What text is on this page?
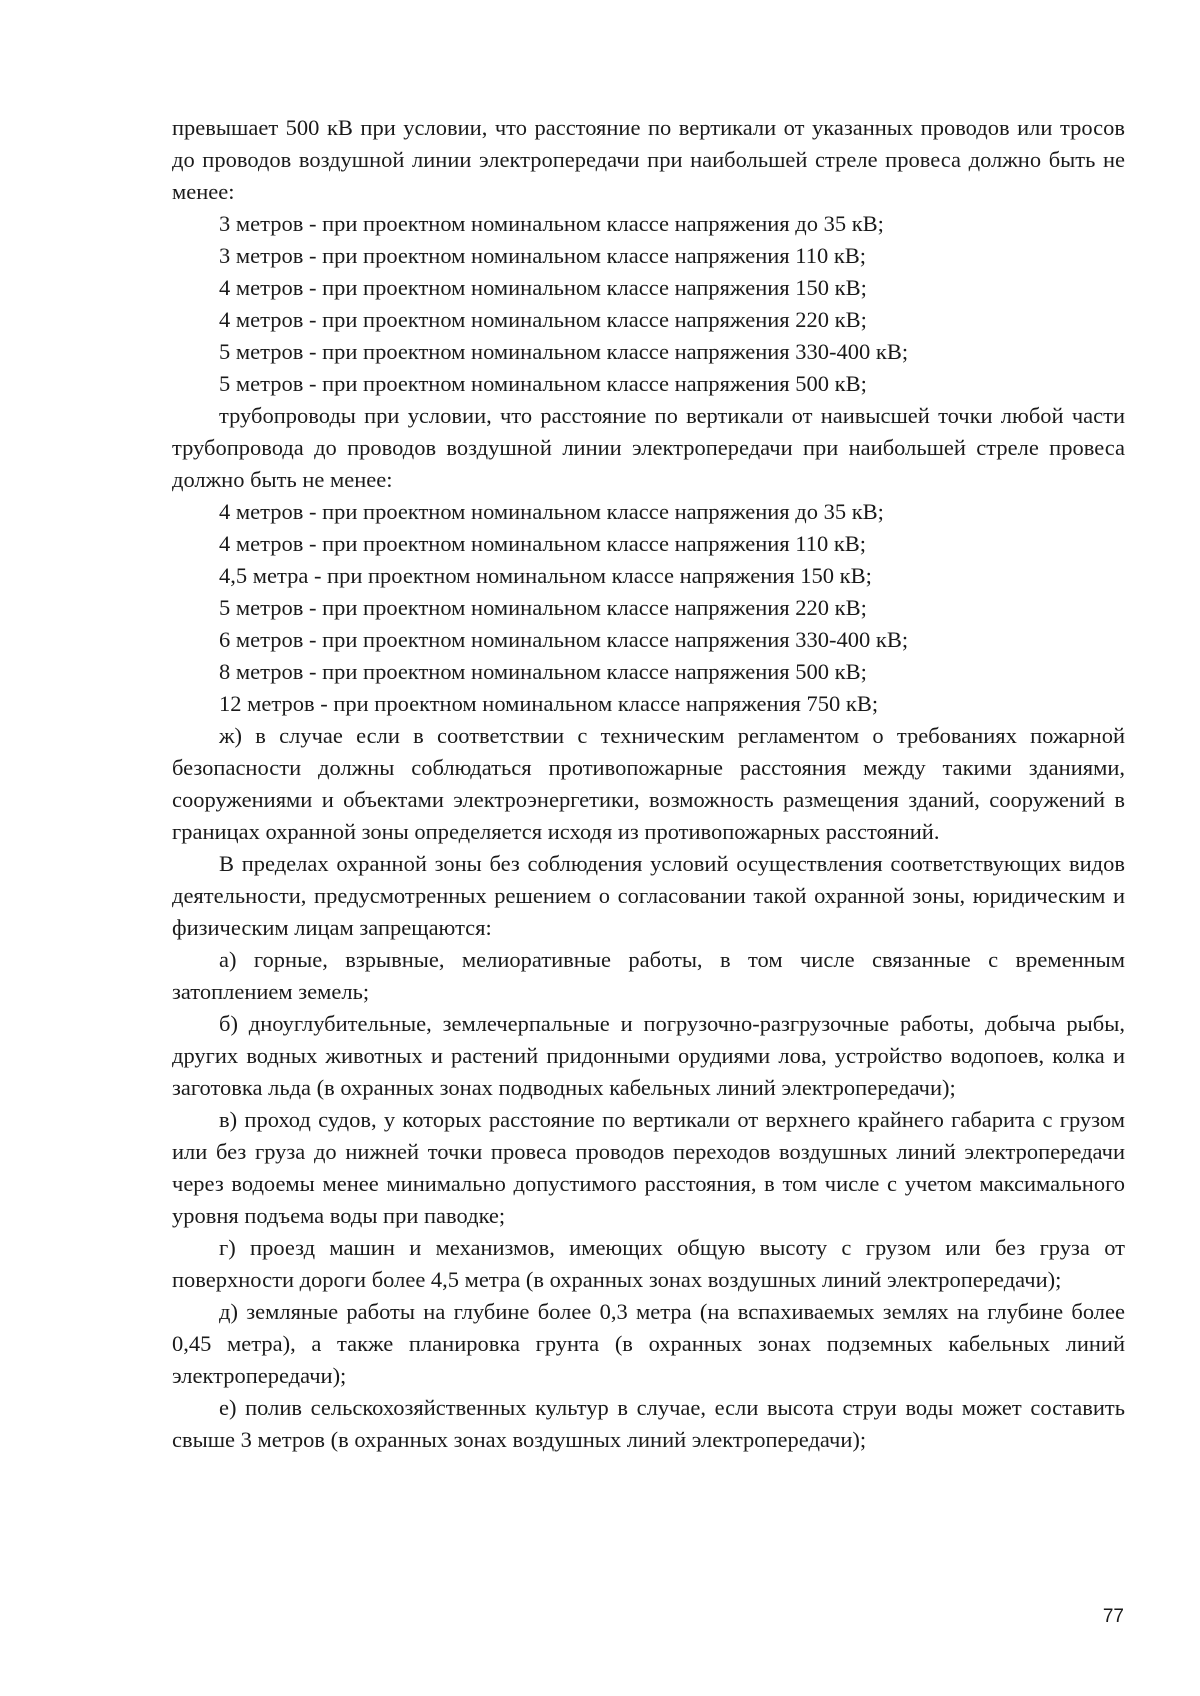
превышает 500 кВ при условии, что расстояние по вертикали от указанных проводов или тросов до проводов воздушной линии электропередачи при наибольшей стреле провеса должно быть не менее:

3 метров - при проектном номинальном классе напряжения до 35 кВ;

3 метров - при проектном номинальном классе напряжения 110 кВ;

4 метров - при проектном номинальном классе напряжения 150 кВ;

4 метров - при проектном номинальном классе напряжения 220 кВ;

5 метров - при проектном номинальном классе напряжения 330-400 кВ;

5 метров - при проектном номинальном классе напряжения 500 кВ;

трубопроводы при условии, что расстояние по вертикали от наивысшей точки любой части трубопровода до проводов воздушной линии электропередачи при наибольшей стреле провеса должно быть не менее:

4 метров - при проектном номинальном классе напряжения до 35 кВ;

4 метров - при проектном номинальном классе напряжения 110 кВ;

4,5 метра - при проектном номинальном классе напряжения 150 кВ;

5 метров - при проектном номинальном классе напряжения 220 кВ;

6 метров - при проектном номинальном классе напряжения 330-400 кВ;

8 метров - при проектном номинальном классе напряжения 500 кВ;

12 метров - при проектном номинальном классе напряжения 750 кВ;

ж) в случае если в соответствии с техническим регламентом о требованиях пожарной безопасности должны соблюдаться противопожарные расстояния между такими зданиями, сооружениями и объектами электроэнергетики, возможность размещения зданий, сооружений в границах охранной зоны определяется исходя из противопожарных расстояний.

В пределах охранной зоны без соблюдения условий осуществления соответствующих видов деятельности, предусмотренных решением о согласовании такой охранной зоны, юридическим и физическим лицам запрещаются:

а) горные, взрывные, мелиоративные работы, в том числе связанные с временным затоплением земель;

б) дноуглубительные, землечерпальные и погрузочно-разгрузочные работы, добыча рыбы, других водных животных и растений придонными орудиями лова, устройство водопоев, колка и заготовка льда (в охранных зонах подводных кабельных линий электропередачи);

в) проход судов, у которых расстояние по вертикали от верхнего крайнего габарита с грузом или без груза до нижней точки провеса проводов переходов воздушных линий электропередачи через водоемы менее минимально допустимого расстояния, в том числе с учетом максимального уровня подъема воды при паводке;

г) проезд машин и механизмов, имеющих общую высоту с грузом или без груза от поверхности дороги более 4,5 метра (в охранных зонах воздушных линий электропередачи);

д) земляные работы на глубине более 0,3 метра (на вспахиваемых землях на глубине более 0,45 метра), а также планировка грунта (в охранных зонах подземных кабельных линий электропередачи);

е) полив сельскохозяйственных культур в случае, если высота струи воды может составить свыше 3 метров (в охранных зонах воздушных линий электропередачи);

77
